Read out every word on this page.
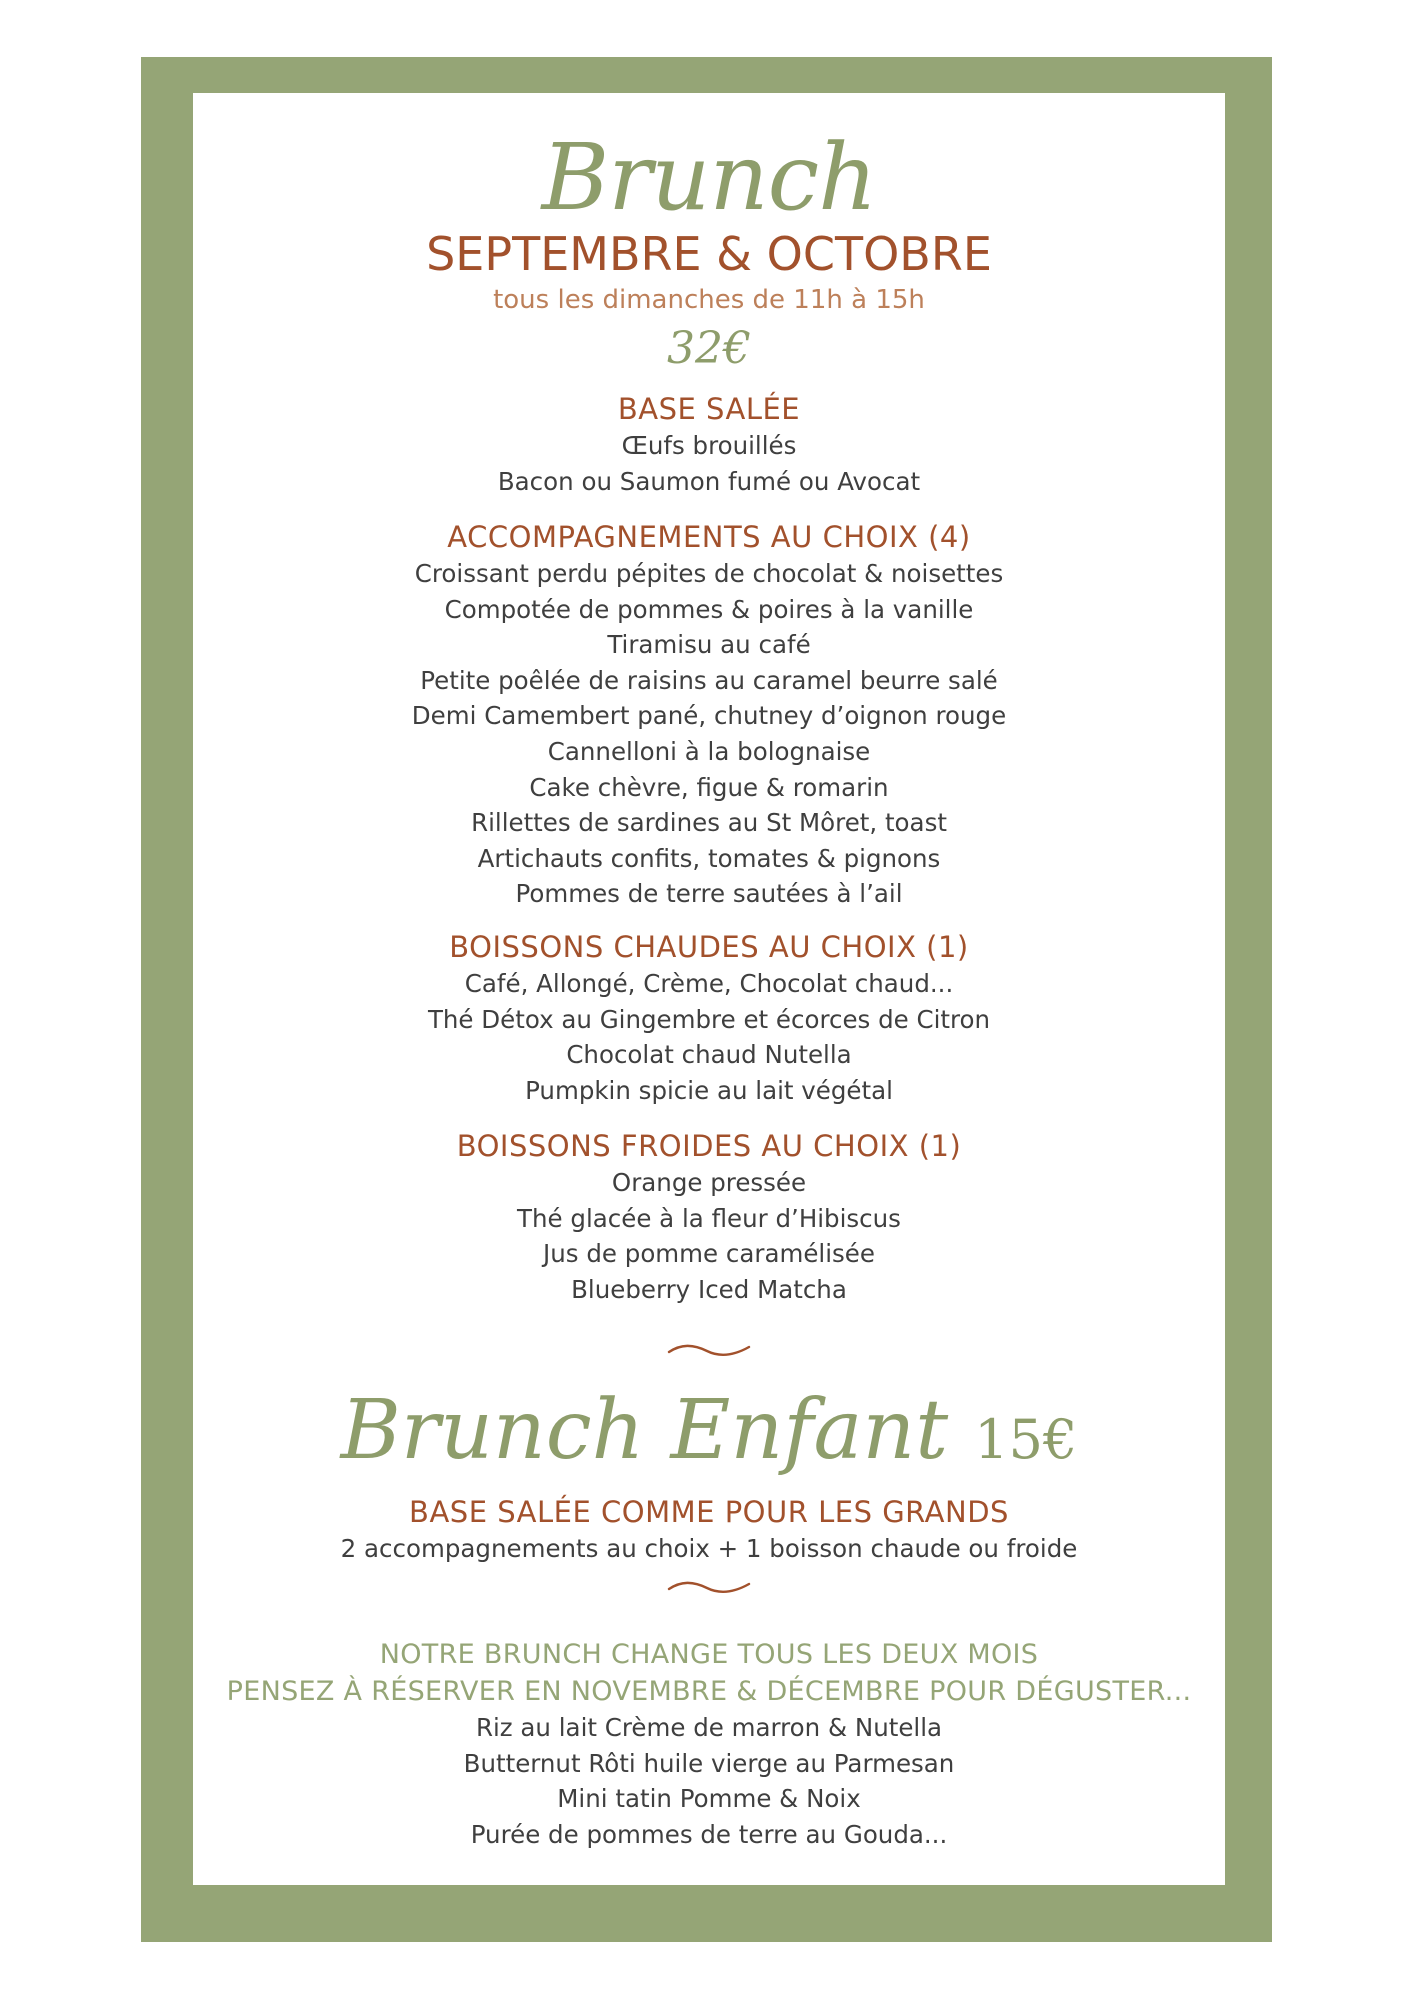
Brunch
SEPTEMBRE & OCTOBRE
tous les dimanches de 11h à 15h
32€

BASE SALÉE

Œufs brouillés

Bacon ou Saumon fumé ou Avocat

ACCOMPAGNEMENTS AU CHOIX (4)

Croissant perdu pépites de chocolat & noisettes

Compotée de pommes & poires à la vanille

Tiramisu au café

Petite poêlée de raisins au caramel beurre salé

Demi Camembert pané, chutney d’oignon rouge

Cannelloni à la bolognaise

Cake chèvre, figue & romarin

Rillettes de sardines au St Môret, toast

Artichauts confits, tomates & pignons

Pommes de terre sautées à l’ail

BOISSONS CHAUDES AU CHOIX (1)

Café, Allongé, Crème, Chocolat chaud...

Thé Détox au Gingembre et écorces de Citron

Chocolat chaud Nutella

Pumpkin spicie au lait végétal

BOISSONS FROIDES AU CHOIX (1)

Orange pressée

Thé glacée à la fleur d’Hibiscus

Jus de pomme caramélisée

Blueberry Iced Matcha

Brunch Enfant 15€

BASE SALÉE COMME POUR LES GRANDS

2 accompagnements au choix + 1 boisson chaude ou froide

NOTRE BRUNCH CHANGE TOUS LES DEUX MOIS

PENSEZ À RÉSERVER EN NOVEMBRE & DÉCEMBRE POUR DÉGUSTER...

Riz au lait Crème de marron & Nutella

Butternut Rôti huile vierge au Parmesan

Mini tatin Pomme & Noix

Purée de pommes de terre au Gouda...
